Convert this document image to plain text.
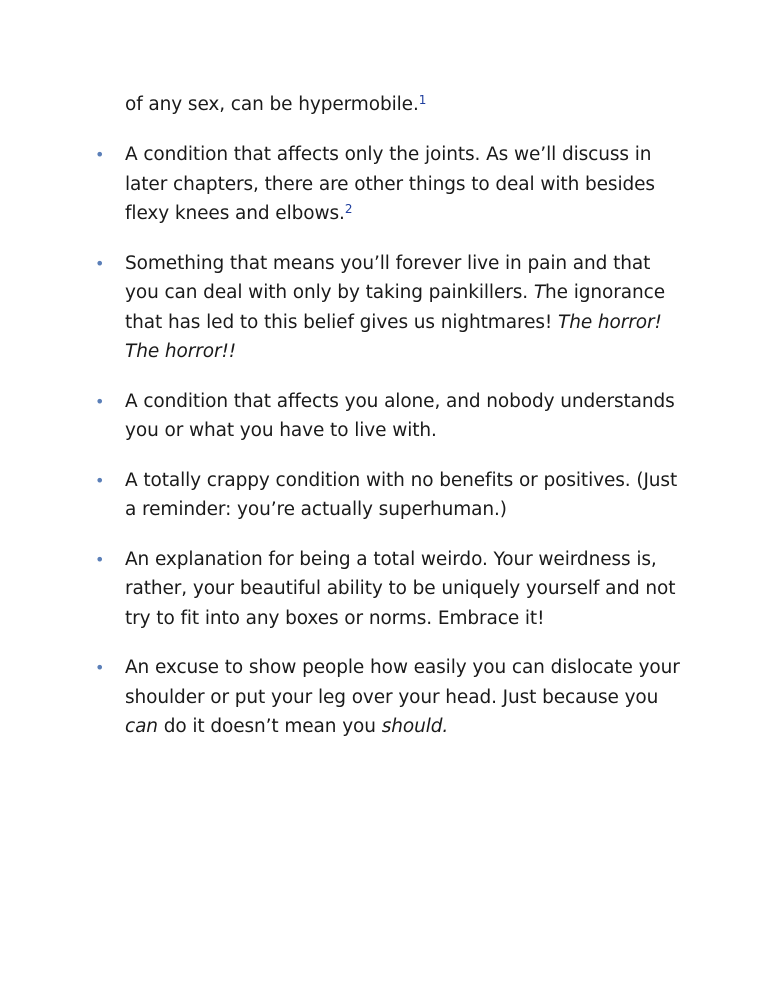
of any sex, can be hypermobile.$^1$

• A condition that affects only the joints. As we’ll discuss in later chapters, there are other things to deal with besides flexy knees and elbows.$^2$
• Something that means you’ll forever live in pain and that you can deal with only by taking painkillers. The ignorance that has led to this belief gives us nightmares! The horror! The horror!!
• A condition that affects you alone, and nobody understands you or what you have to live with.
• A totally crappy condition with no benefits or positives. (Just a reminder: you’re actually superhuman.)
• An explanation for being a total weirdo. Your weirdness is, rather, your beautiful ability to be uniquely yourself and not try to fit into any boxes or norms. Embrace it!
• An excuse to show people how easily you can dislocate your shoulder or put your leg over your head. Just because you can do it doesn’t mean you should.
